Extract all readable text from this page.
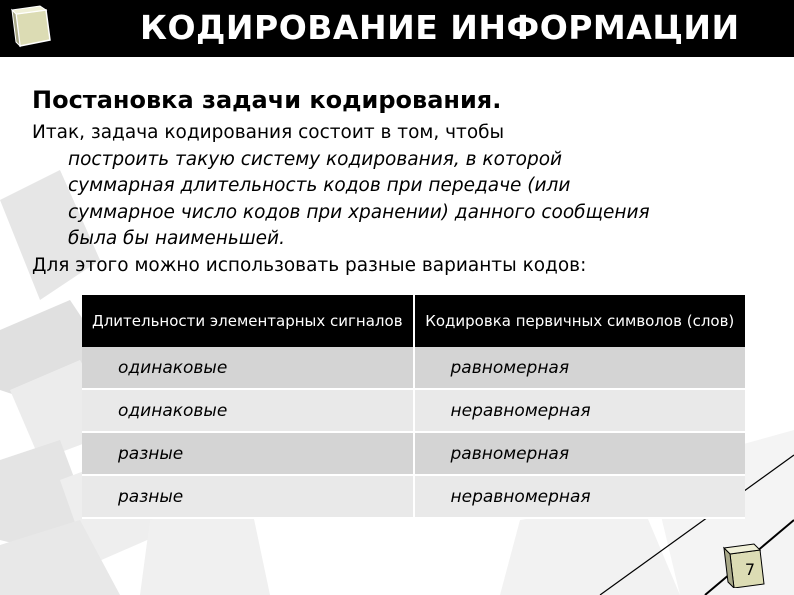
КОДИРОВАНИЕ ИНФОРМАЦИИ
Постановка задачи кодирования.

Итак, задача кодирования состоит в том, чтобы

построить такую систему кодирования, в которой
суммарная длительность кодов при передаче (или
суммарное число кодов при хранении) данного сообщения
была бы наименьшей.

Для этого можно использовать разные варианты кодов:

Длительности элементарных сигналов	Кодировка первичных символов (слов)
одинаковые	равномерная
одинаковые	неравномерная
разные	равномерная
разные	неравномерная
7
